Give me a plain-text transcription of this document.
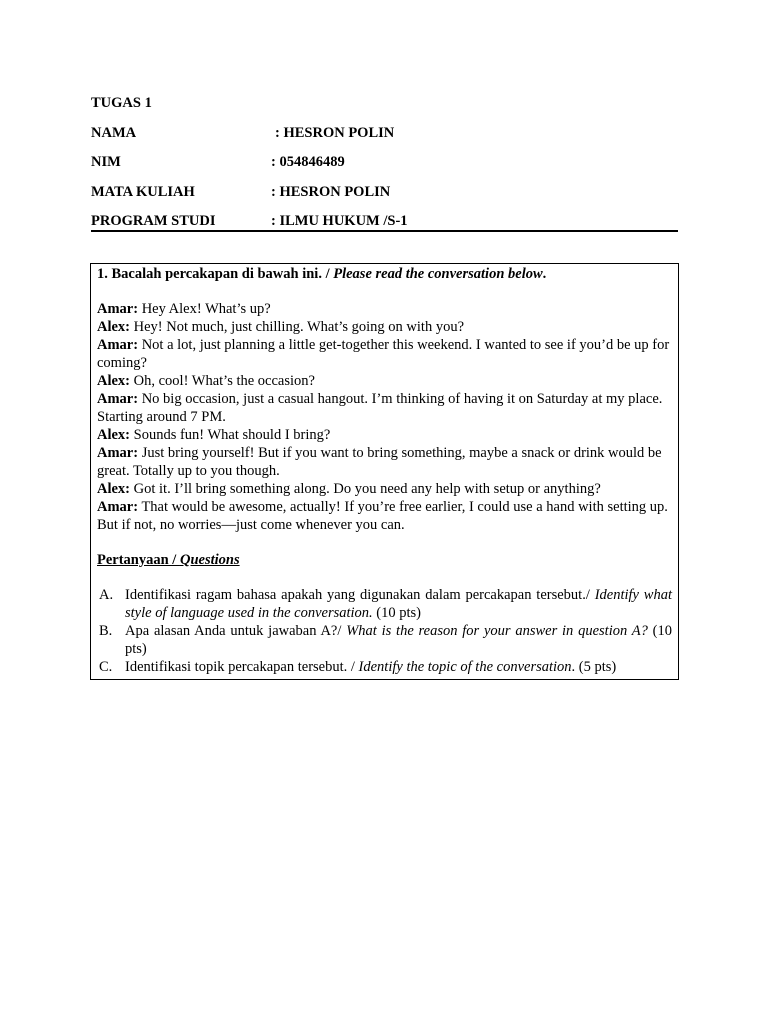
TUGAS 1
NAMA	: HESRON POLIN
NIM	: 054846489
MATA KULIAH	: HESRON POLIN
PROGRAM STUDI	: ILMU HUKUM /S-1
1. Bacalah percakapan di bawah ini. / Please read the conversation below.
Amar: Hey Alex! What’s up?
Alex: Hey! Not much, just chilling. What’s going on with you?
Amar: Not a lot, just planning a little get-together this weekend. I wanted to see if you’d be up for coming?
Alex: Oh, cool! What’s the occasion?
Amar: No big occasion, just a casual hangout. I’m thinking of having it on Saturday at my place. Starting around 7 PM.
Alex: Sounds fun! What should I bring?
Amar: Just bring yourself! But if you want to bring something, maybe a snack or drink would be great. Totally up to you though.
Alex: Got it. I’ll bring something along. Do you need any help with setup or anything?
Amar: That would be awesome, actually! If you’re free earlier, I could use a hand with setting up. But if not, no worries—just come whenever you can.
Pertanyaan / Questions
A. Identifikasi ragam bahasa apakah yang digunakan dalam percakapan tersebut./ Identify what style of language used in the conversation. (10 pts)
B. Apa alasan Anda untuk jawaban A?/ What is the reason for your answer in question A? (10 pts)
C. Identifikasi topik percakapan tersebut. / Identify the topic of the conversation. (5 pts)
